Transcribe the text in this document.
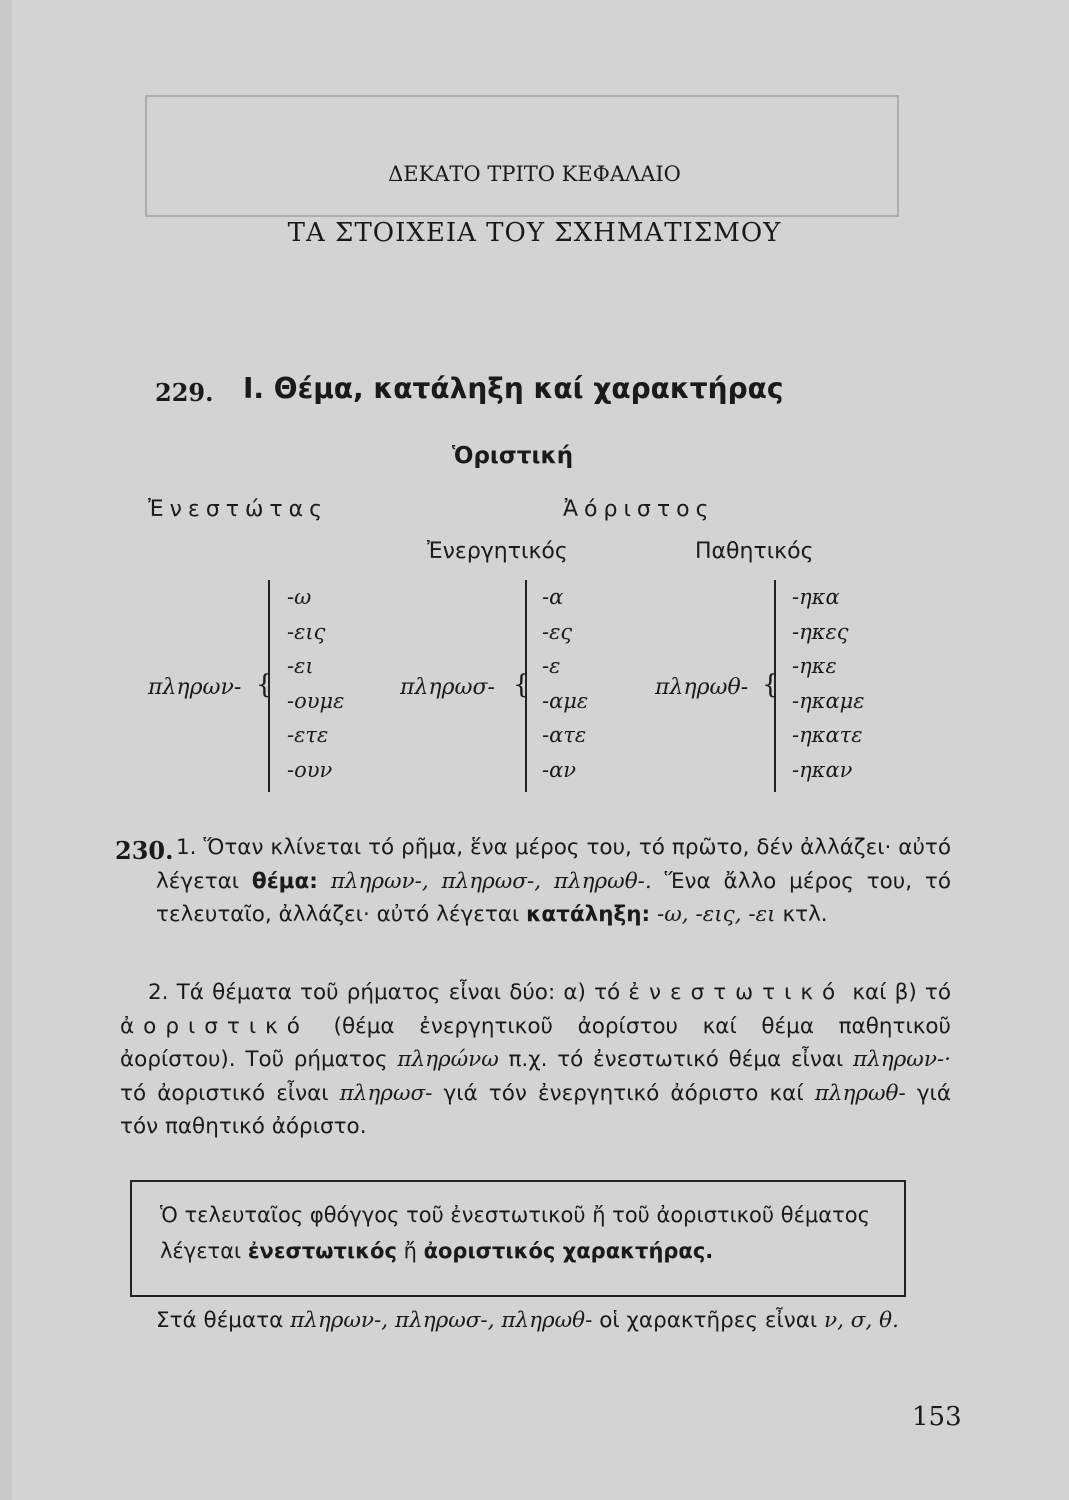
ΔΕΚΑΤΟ ΤΡΙΤΟ ΚΕΦΑΛΑΙΟ
ΤΑ ΣΤΟΙΧΕΙΑ ΤΟΥ ΣΧΗΜΑΤΙΣΜΟΥ
229. Ι. Θέμα, κατάληξη καί χαρακτήρας
Ὁριστική
Ἐνεστώτας	Ἀόριστος
Ἐνεργητικός	Παθητικός
πληρων- {
-ω
-εις
-ει
-ουμε
-ετε
-ουν
πληρωσ- {
-α
-ες
-ε
-αμε
-ατε
-αν
πληρωθ- {
-ηκα
-ηκες
-ηκε
-ηκαμε
-ηκατε
-ηκαν
230. 1. Ὅταν κλίνεται τό ρῆμα, ἕνα μέρος του, τό πρῶτο, δέν ἀλλάζει· αὐτό λέγεται θέμα: πληρων-, πληρωσ-, πληρωθ-. Ἕνα ἄλλο μέρος του, τό τελευταῖο, ἀλλάζει· αὐτό λέγεται κατάληξη: -ω, -εις, -ει κτλ.
2. Τά θέματα τοῦ ρήματος εἶναι δύο: α) τό ἐνεστωτικό καί β) τό ἀοριστικό (θέμα ἐνεργητικοῦ ἀορίστου καί θέμα παθητικοῦ ἀορίστου). Τοῦ ρήματος πληρώνω π.χ. τό ἐνεστωτικό θέμα εἶναι πληρων-· τό ἀοριστικό εἶναι πληρωσ- γιά τόν ἐνεργητικό ἀόριστο καί πληρωθ- γιά τόν παθητικό ἀόριστο.
Ὁ τελευταῖος φθόγγος τοῦ ἐνεστωτικοῦ ἤ τοῦ ἀοριστικοῦ θέματος λέγεται ἐνεστωτικός ἤ ἀοριστικός χαρακτήρας.
Στά θέματα πληρων-, πληρωσ-, πληρωθ- οἱ χαρακτῆρες εἶναι ν, σ, θ.
153
